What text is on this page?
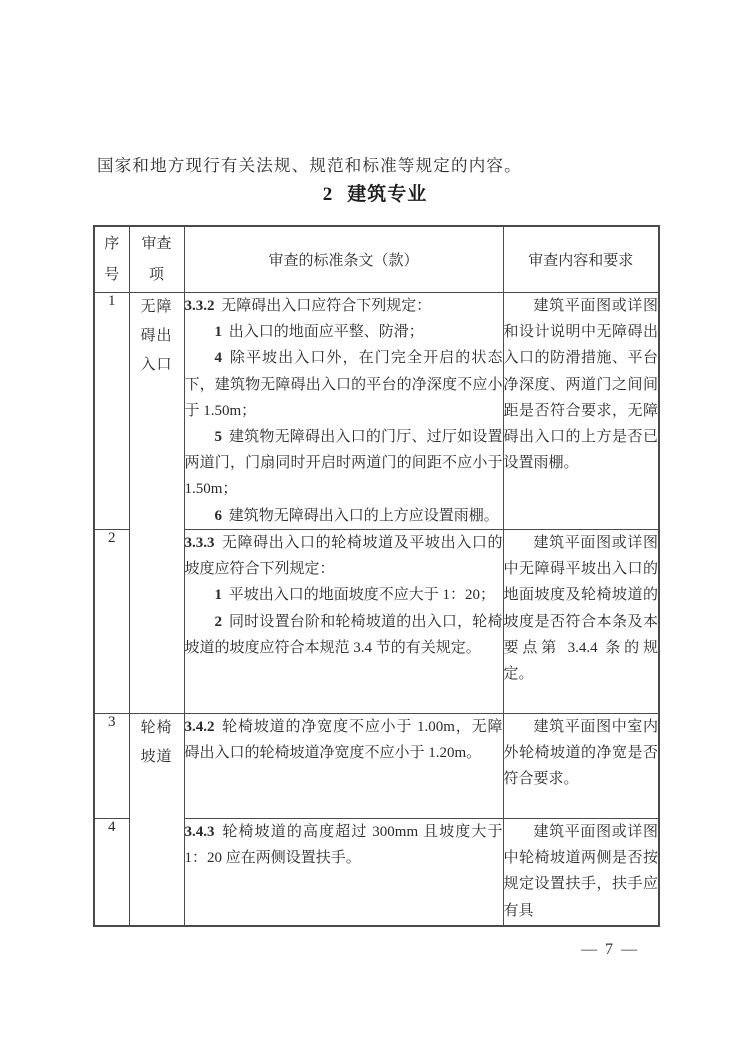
国家和地方现行有关法规、规范和标准等规定的内容。

2 建筑专业
序号	审查项	审查的标准条文（款）	审查内容和要求
1	无障碍出入口	3.3.2 无障碍出入口应符合下列规定：

1 出入口的地面应平整、防滑；

4 除平坡出入口外，在门完全开启的状态下，建筑物无障碍出入口的平台的净深度不应小于 1.50m；

5 建筑物无障碍出入口的门厅、过厅如设置两道门，门扇同时开启时两道门的间距不应小于 1.50m；

6 建筑物无障碍出入口的上方应设置雨棚。	建筑平面图或详图和设计说明中无障碍出入口的防滑措施、平台净深度、两道门之间间距是否符合要求，无障碍出入口的上方是否已设置雨棚。

2		3.3.3 无障碍出入口的轮椅坡道及平坡出入口的坡度应符合下列规定：

1 平坡出入口的地面坡度不应大于 1：20；

2 同时设置台阶和轮椅坡道的出入口，轮椅坡道的坡度应符合本规范 3.4 节的有关规定。	建筑平面图或详图中无障碍平坡出入口的地面坡度及轮椅坡道的坡度是否符合本条及本要点第 3.4.4 条的规定。

3	轮椅坡道	3.4.2 轮椅坡道的净宽度不应小于 1.00m，无障碍出入口的轮椅坡道净宽度不应小于 1.20m。	建筑平面图中室内外轮椅坡道的净宽是否符合要求。

4		3.4.3 轮椅坡道的高度超过 300mm 且坡度大于 1：20 应在两侧设置扶手。	建筑平面图或详图中轮椅坡道两侧是否按规定设置扶手，扶手应有具

— 7 —
